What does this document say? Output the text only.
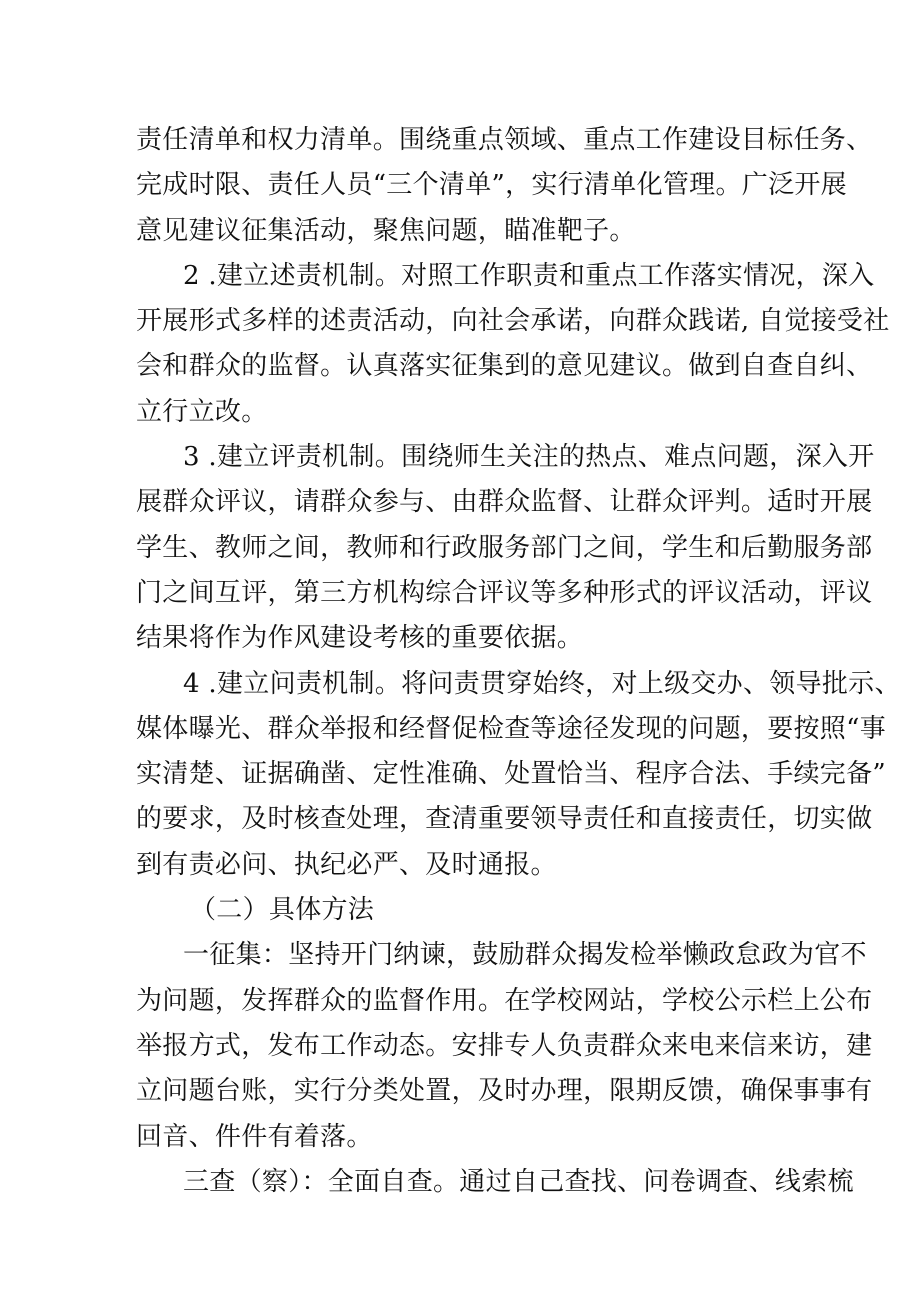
责任清单和权力清单。围绕重点领域、重点工作建设目标任务、
完成时限、责任人员“三个清单”，实行清单化管理。广泛开展
意见建议征集活动，聚焦问题，瞄准靶子。
2 .建立述责机制。对照工作职责和重点工作落实情况，深入
开展形式多样的述责活动，向社会承诺，向群众践诺, 自觉接受社
会和群众的监督。认真落实征集到的意见建议。做到自查自纠、
立行立改。
3 .建立评责机制。围绕师生关注的热点、难点问题，深入开
展群众评议，请群众参与、由群众监督、让群众评判。适时开展
学生、教师之间，教师和行政服务部门之间，学生和后勤服务部
门之间互评，第三方机构综合评议等多种形式的评议活动，评议
结果将作为作风建设考核的重要依据。
4 .建立问责机制。将问责贯穿始终，对上级交办、领导批示、
媒体曝光、群众举报和经督促检查等途径发现的问题，要按照“事
实清楚、证据确凿、定性准确、处置恰当、程序合法、手续完备”
的要求，及时核查处理，查清重要领导责任和直接责任，切实做
到有责必问、执纪必严、及时通报。
（二）具体方法
一征集：坚持开门纳谏，鼓励群众揭发检举懒政怠政为官不
为问题，发挥群众的监督作用。在学校网站，学校公示栏上公布
举报方式，发布工作动态。安排专人负责群众来电来信来访，建
立问题台账，实行分类处置，及时办理，限期反馈，确保事事有
回音、件件有着落。
三查（察）：全面自查。通过自己查找、问卷调查、线索梳
